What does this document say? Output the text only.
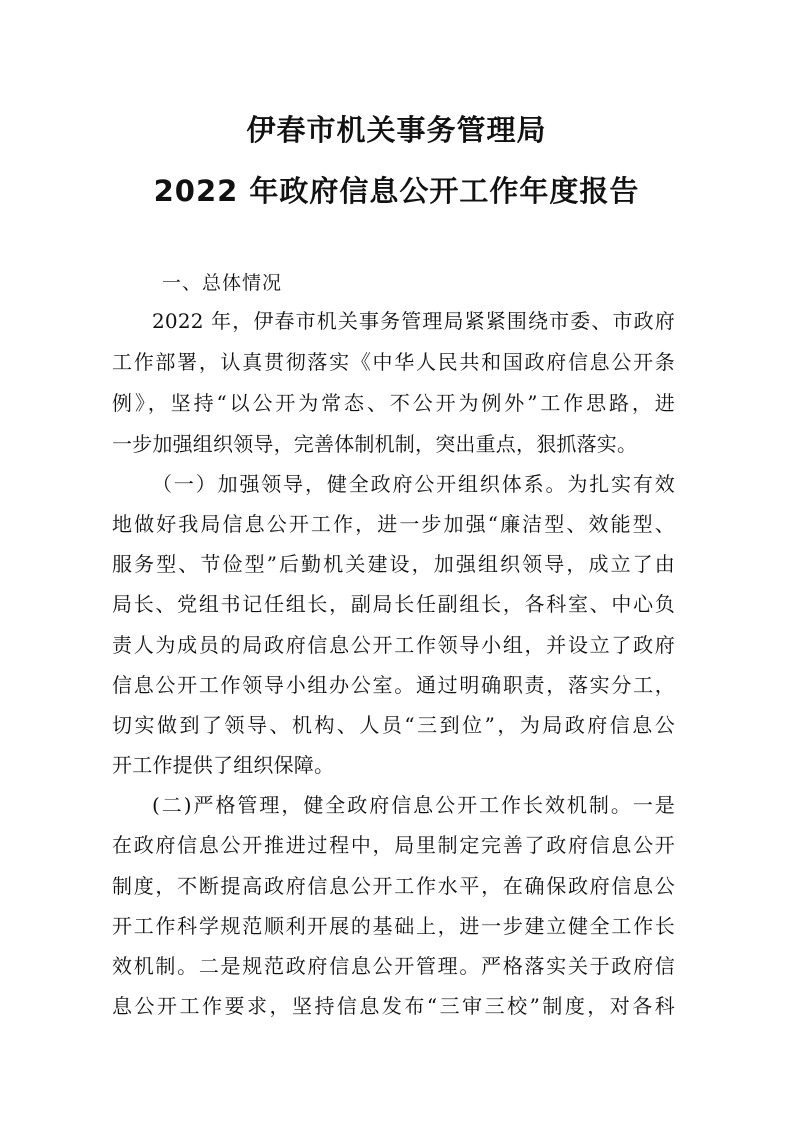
伊春市机关事务管理局
2022 年政府信息公开工作年度报告
一、总体情况
2022 年，伊春市机关事务管理局紧紧围绕市委、市政府
工作部署，认真贯彻落实《中华人民共和国政府信息公开条
例》，坚持“以公开为常态、不公开为例外”工作思路，进
一步加强组织领导，完善体制机制，突出重点，狠抓落实。
（一）加强领导，健全政府公开组织体系。为扎实有效
地做好我局信息公开工作，进一步加强“廉洁型、效能型、
服务型、节俭型”后勤机关建设，加强组织领导，成立了由
局长、党组书记任组长，副局长任副组长，各科室、中心负
责人为成员的局政府信息公开工作领导小组，并设立了政府
信息公开工作领导小组办公室。通过明确职责，落实分工，
切实做到了领导、机构、人员“三到位”，为局政府信息公
开工作提供了组织保障。
(二)严格管理，健全政府信息公开工作长效机制。一是
在政府信息公开推进过程中，局里制定完善了政府信息公开
制度，不断提高政府信息公开工作水平，在确保政府信息公
开工作科学规范顺利开展的基础上，进一步建立健全工作长
效机制。二是规范政府信息公开管理。严格落实关于政府信
息公开工作要求，坚持信息发布“三审三校”制度，对各科
